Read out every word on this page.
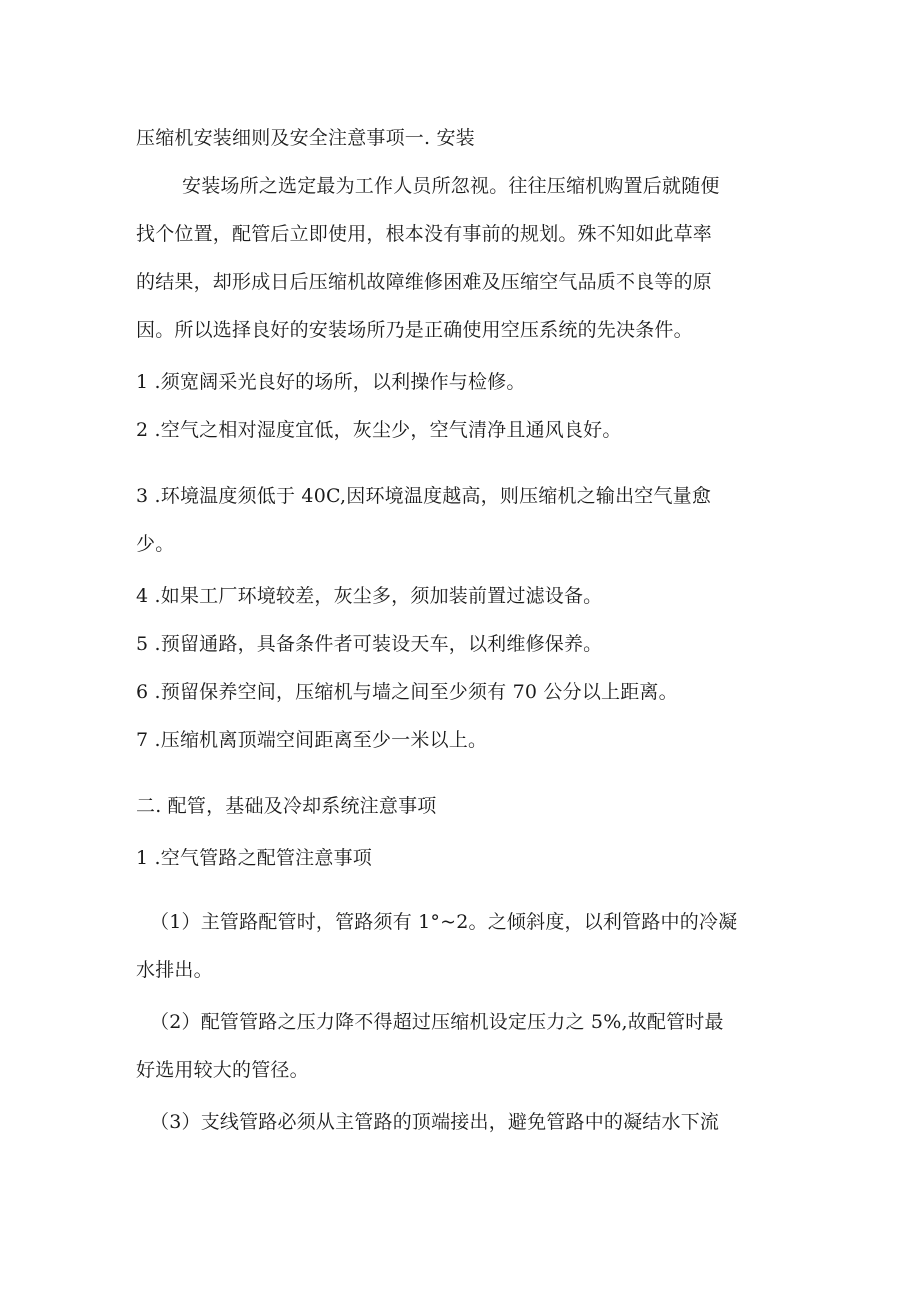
压缩机安装细则及安全注意事项一. 安装
安装场所之选定最为工作人员所忽视。往往压缩机购置后就随便
找个位置，配管后立即使用，根本没有事前的规划。殊不知如此草率
的结果，却形成日后压缩机故障维修困难及压缩空气品质不良等的原
因。所以选择良好的安装场所乃是正确使用空压系统的先决条件。
1 .须宽阔采光良好的场所，以利操作与检修。
2 .空气之相对湿度宜低，灰尘少，空气清净且通风良好。
3 .环境温度须低于 40C,因环境温度越高，则压缩机之输出空气量愈
少。
4 .如果工厂环境较差，灰尘多，须加装前置过滤设备。
5 .预留通路，具备条件者可装设天车，以利维修保养。
6 .预留保养空间，压缩机与墙之间至少须有 70 公分以上距离。
7 .压缩机离顶端空间距离至少一米以上。
二. 配管，基础及冷却系统注意事项
1 .空气管路之配管注意事项
（1）主管路配管时，管路须有 1°~2。之倾斜度，以利管路中的冷凝
水排出。
（2）配管管路之压力降不得超过压缩机设定压力之 5%,故配管时最
好选用较大的管径。
（3）支线管路必须从主管路的顶端接出，避免管路中的凝结水下流
